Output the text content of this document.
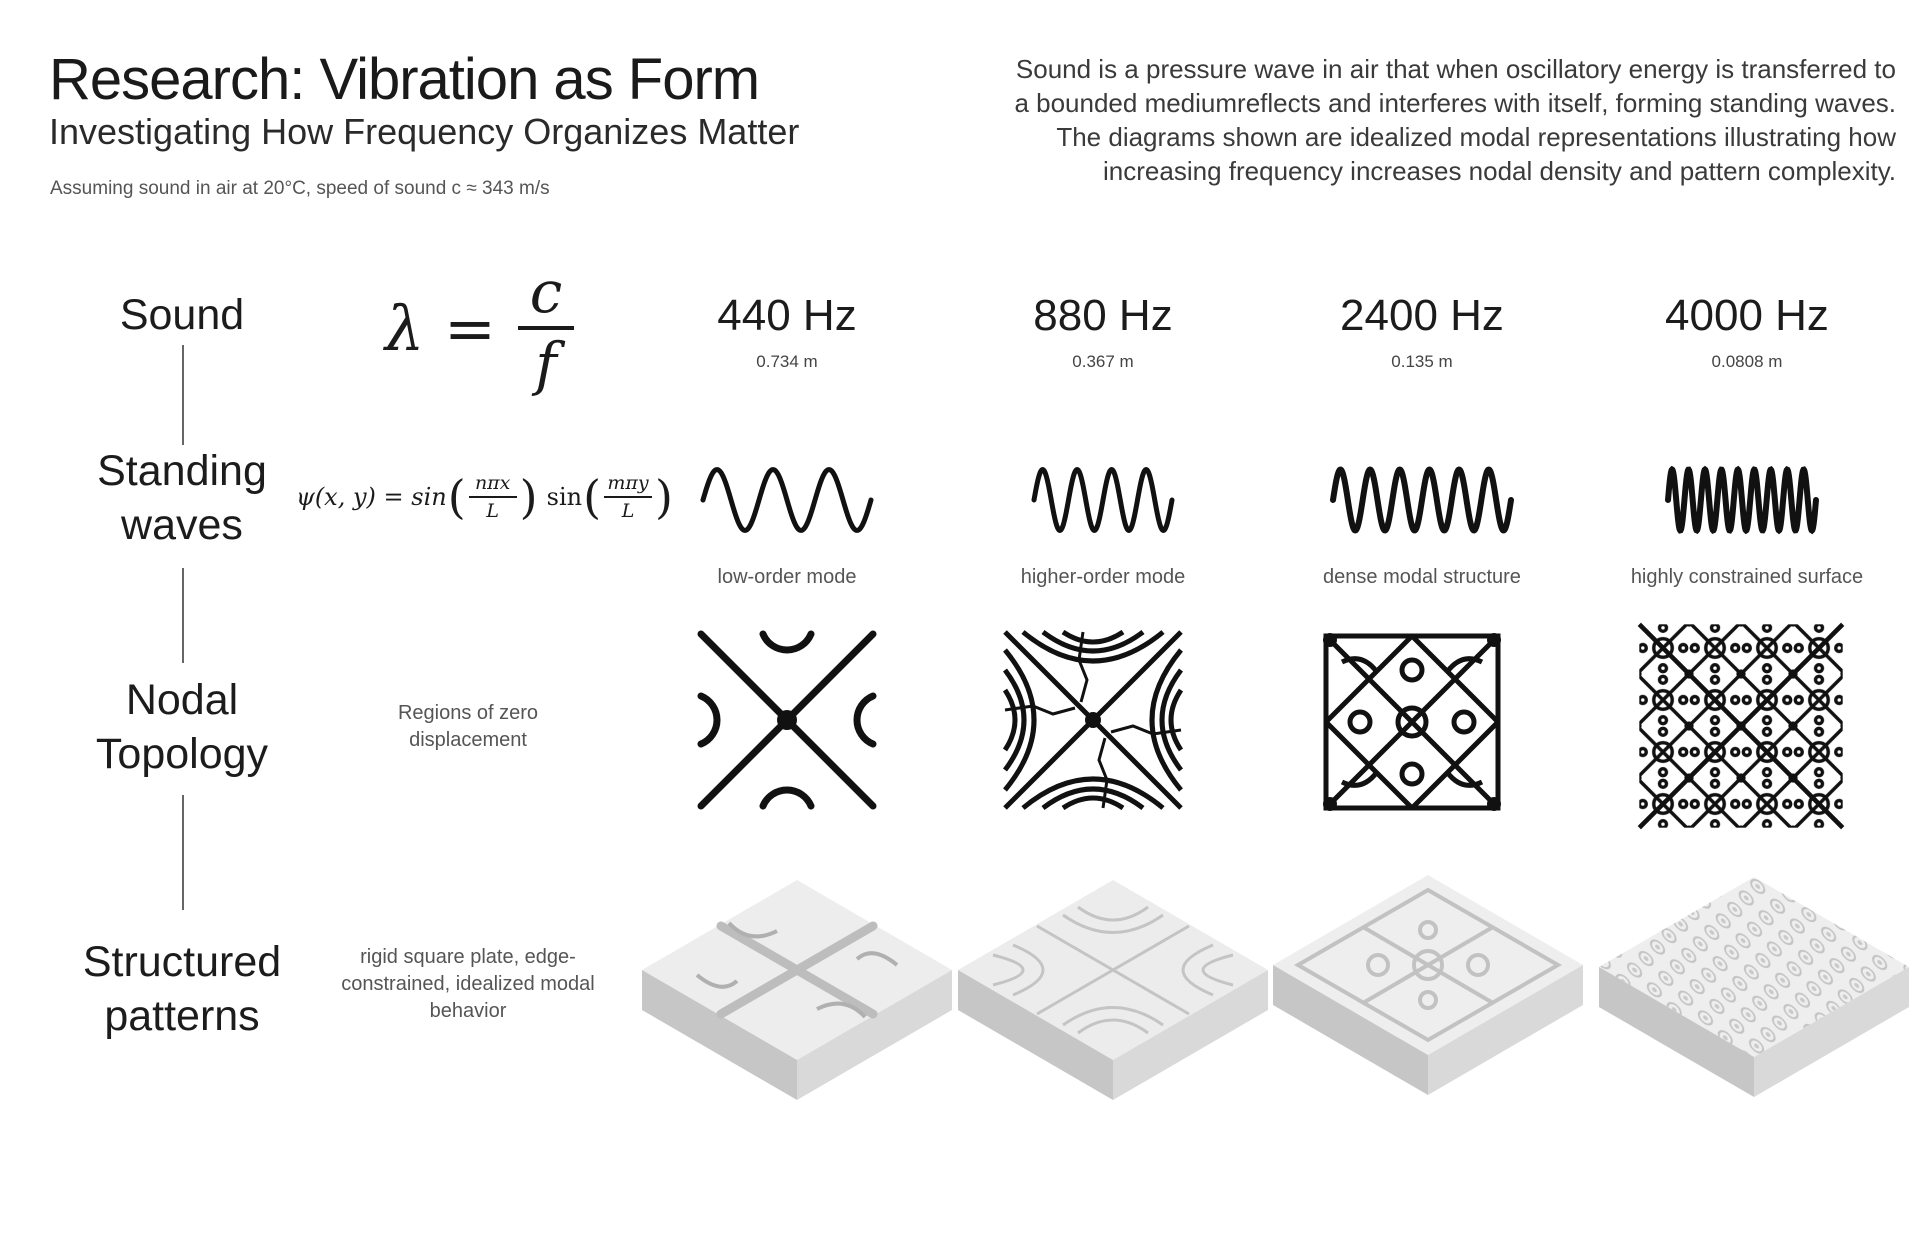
Research: Vibration as Form
Investigating How Frequency Organizes Matter
Assuming sound in air at 20°C, speed of sound c ≈ 343 m/s
Sound is a pressure wave in air that when oscillatory energy is transferred to a bounded mediumreflects and interferes with itself, forming standing waves. The diagrams shown are idealized modal representations illustrating how increasing frequency increases nodal density and pattern complexity.
Sound
Standing waves
Nodal Topology
Structured patterns
$\lambda = \frac{c}{f}$
ψ(x, y) = sin ( nπx
L ) sin ( mπy
L )
Regions of zero displacement
rigid square plate, edge-constrained, idealized modal behavior
440 Hz
0.734 m
low-order mode
880 Hz
0.367 m
higher-order mode
2400 Hz
0.135 m
dense modal structure
4000 Hz
0.0808 m
highly constrained surface
